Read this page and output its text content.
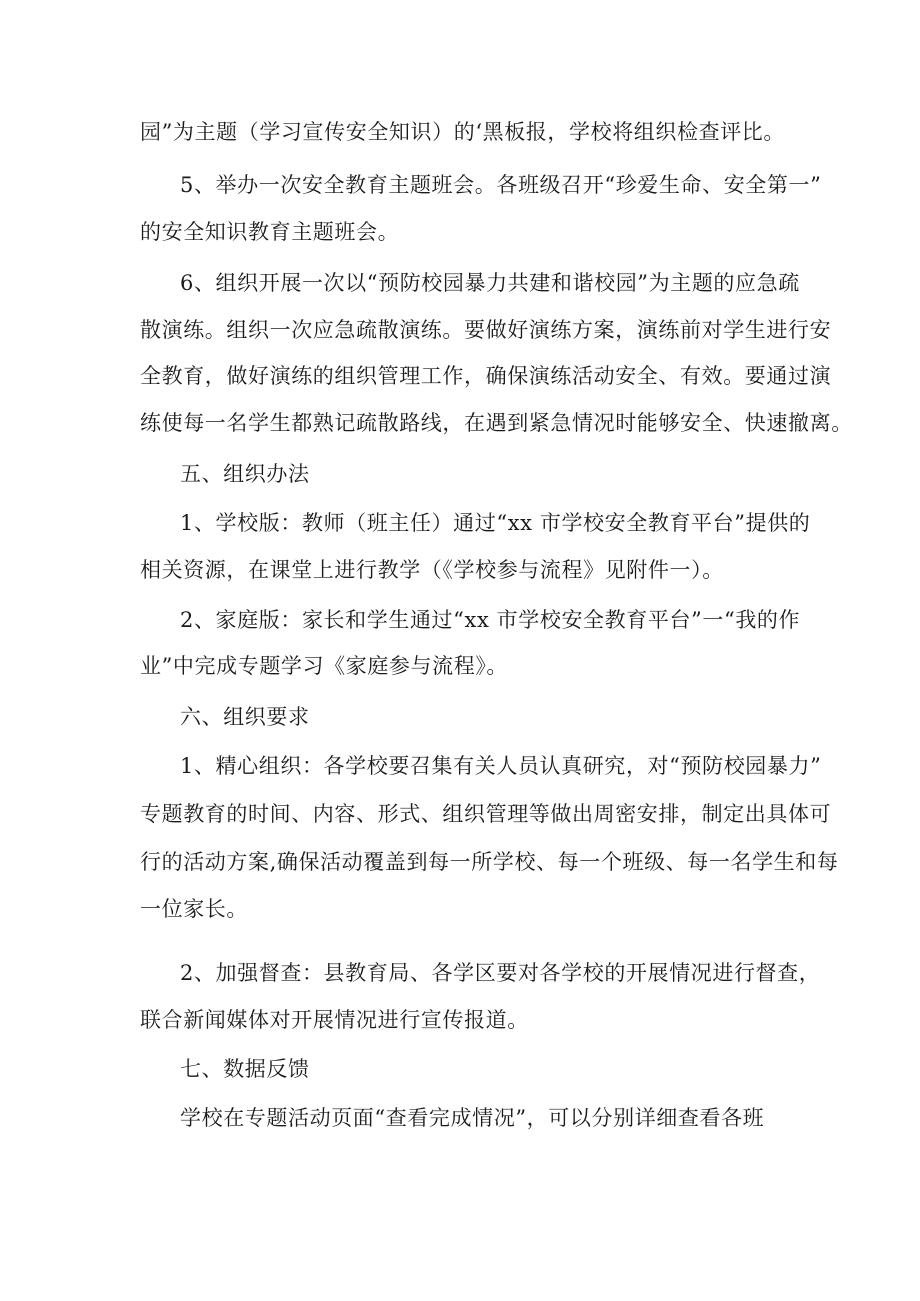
园”为主题（学习宣传安全知识）的‘黑板报，学校将组织检查评比。
5、举办一次安全教育主题班会。各班级召开“珍爱生命、安全第一”
的安全知识教育主题班会。
6、组织开展一次以“预防校园暴力共建和谐校园”为主题的应急疏
散演练。组织一次应急疏散演练。要做好演练方案，演练前对学生进行安
全教育，做好演练的组织管理工作，确保演练活动安全、有效。要通过演
练使每一名学生都熟记疏散路线，在遇到紧急情况时能够安全、快速撤离。
五、组织办法
1、学校版：教师（班主任）通过“xx 市学校安全教育平台”提供的
相关资源，在课堂上进行教学（《学校参与流程》见附件一）。
2、家庭版：家长和学生通过“xx 市学校安全教育平台”一“我的作
业”中完成专题学习《家庭参与流程》。
六、组织要求
1、精心组织：各学校要召集有关人员认真研究，对“预防校园暴力”
专题教育的时间、内容、形式、组织管理等做出周密安排，制定出具体可
行的活动方案,确保活动覆盖到每一所学校、每一个班级、每一名学生和每
一位家长。
2、加强督查：县教育局、各学区要对各学校的开展情况进行督查，
联合新闻媒体对开展情况进行宣传报道。
七、数据反馈
学校在专题活动页面“查看完成情况”，可以分别详细查看各班
